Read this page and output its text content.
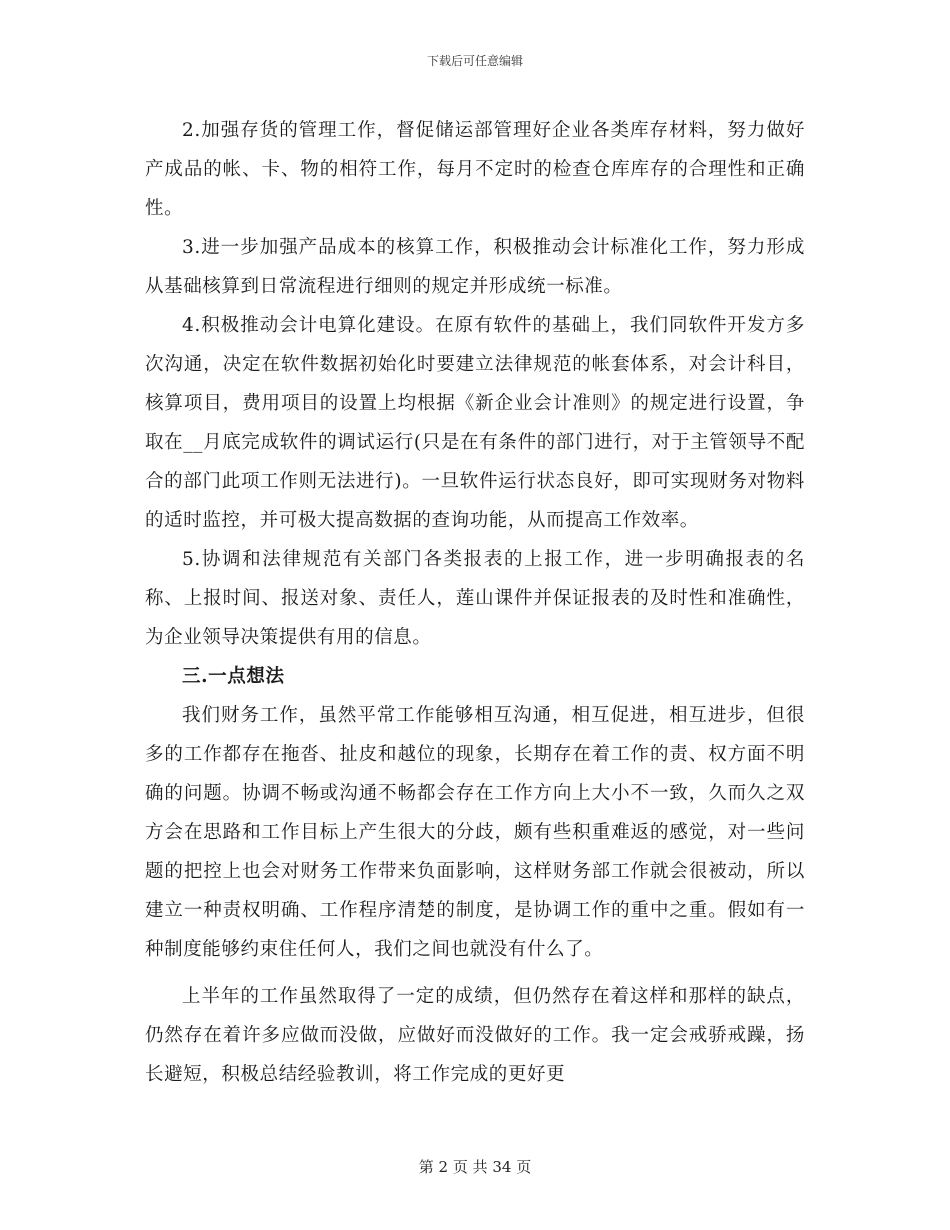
下载后可任意编辑

2.加强存货的管理工作，督促储运部管理好企业各类库存材料，努力做好产成品的帐、卡、物的相符工作，每月不定时的检查仓库库存的合理性和正确性。

3.进一步加强产品成本的核算工作，积极推动会计标准化工作，努力形成从基础核算到日常流程进行细则的规定并形成统一标准。

4.积极推动会计电算化建设。在原有软件的基础上，我们同软件开发方多次沟通，决定在软件数据初始化时要建立法律规范的帐套体系，对会计科目，核算项目，费用项目的设置上均根据《新企业会计准则》的规定进行设置，争取在__月底完成软件的调试运行(只是在有条件的部门进行，对于主管领导不配合的部门此项工作则无法进行)。一旦软件运行状态良好，即可实现财务对物料的适时监控，并可极大提高数据的查询功能，从而提高工作效率。

5.协调和法律规范有关部门各类报表的上报工作，进一步明确报表的名称、上报时间、报送对象、责任人，莲山课件并保证报表的及时性和准确性，为企业领导决策提供有用的信息。

三.一点想法

我们财务工作，虽然平常工作能够相互沟通，相互促进，相互进步，但很多的工作都存在拖沓、扯皮和越位的现象，长期存在着工作的责、权方面不明确的问题。协调不畅或沟通不畅都会存在工作方向上大小不一致，久而久之双方会在思路和工作目标上产生很大的分歧，颇有些积重难返的感觉，对一些问题的把控上也会对财务工作带来负面影响，这样财务部工作就会很被动，所以建立一种责权明确、工作程序清楚的制度，是协调工作的重中之重。假如有一种制度能够约束住任何人，我们之间也就没有什么了。

上半年的工作虽然取得了一定的成绩，但仍然存在着这样和那样的缺点，仍然存在着许多应做而没做，应做好而没做好的工作。我一定会戒骄戒躁，扬长避短，积极总结经验教训，将工作完成的更好更

第 2 页 共 34 页
